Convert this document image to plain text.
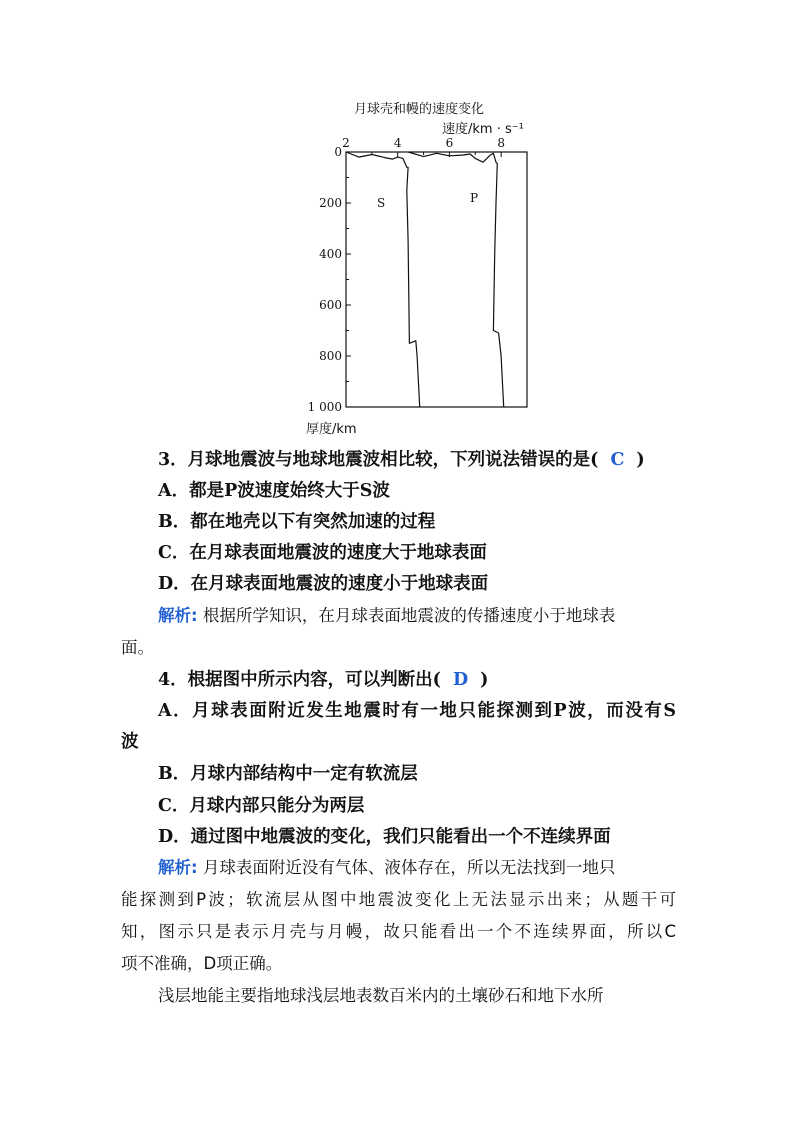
月球壳和幔的速度变化
速度/km · s⁻¹
厚度/km
2	4	6	8
0
200
400
600
800
1 000
S	P
3．月球地震波与地球地震波相比较，下列说法错误的是( C )
A．都是P波速度始终大于S波
B．都在地壳以下有突然加速的过程
C．在月球表面地震波的速度大于地球表面
D．在月球表面地震波的速度小于地球表面
解析: 根据所学知识，在月球表面地震波的传播速度小于地球表
面。
4．根据图中所示内容，可以判断出( D )
A．月球表面附近发生地震时有一地只能探测到P波，而没有S
波
B．月球内部结构中一定有软流层
C．月球内部只能分为两层
D．通过图中地震波的变化，我们只能看出一个不连续界面
解析: 月球表面附近没有气体、液体存在，所以无法找到一地只
能探测到P波；软流层从图中地震波变化上无法显示出来；从题干可
知，图示只是表示月壳与月幔，故只能看出一个不连续界面，所以C
项不准确，D项正确。
浅层地能主要指地球浅层地表数百米内的土壤砂石和地下水所
